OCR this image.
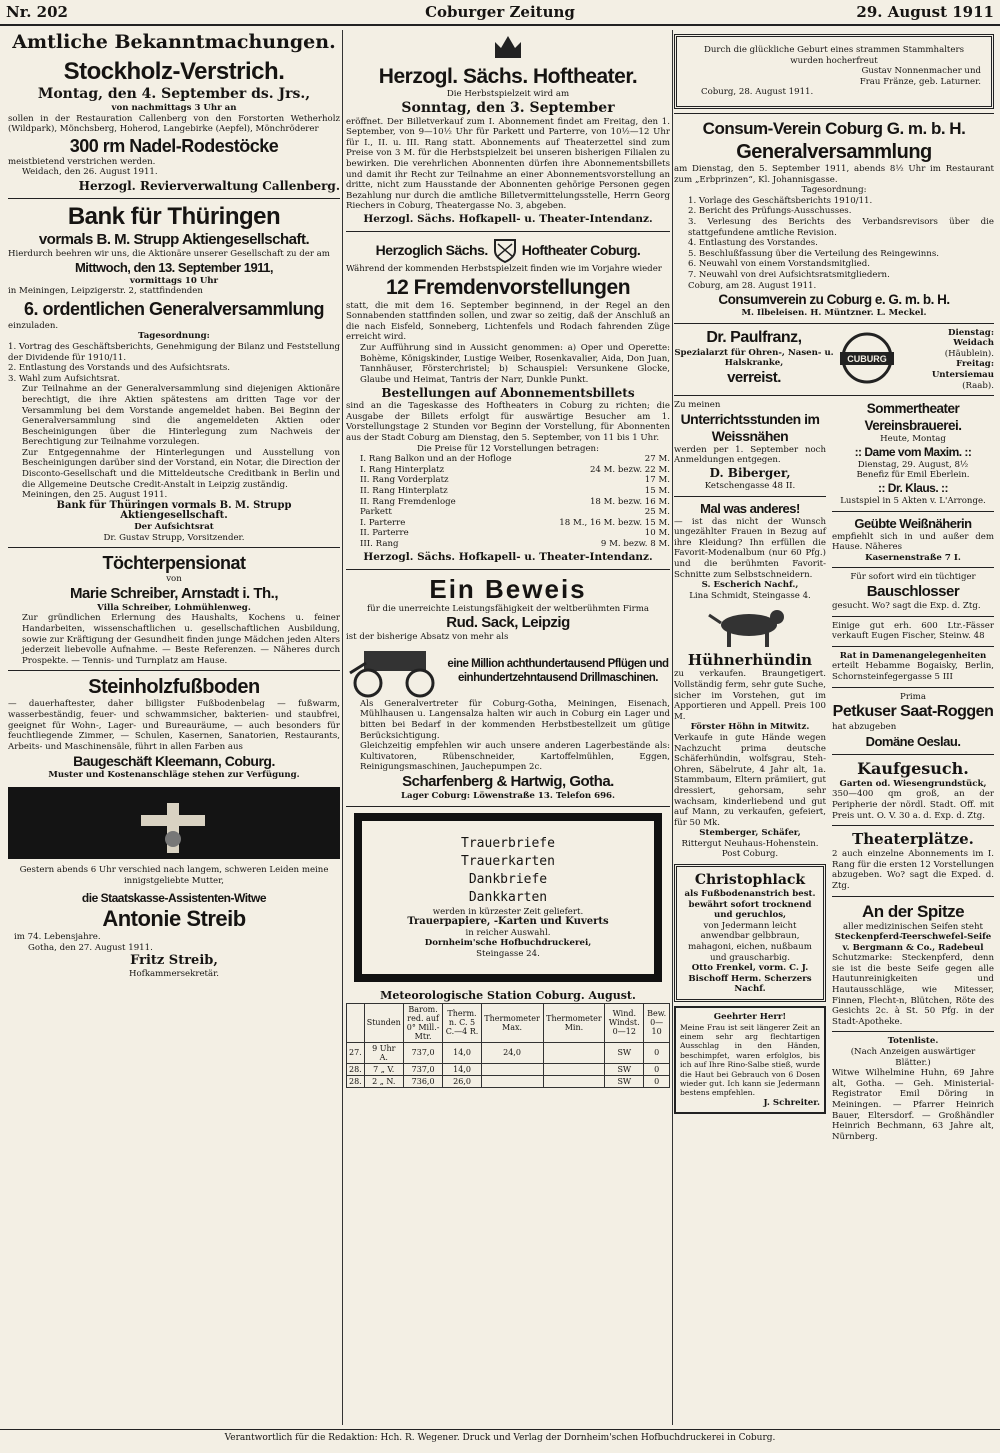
Nr. 202	Coburger Zeitung	29. August 1911

Amtliche Bekanntmachungen.

Stockholz-Verstrich.

Montag, den 4. September ds. Jrs.,

von nachmittags 3 Uhr an

sollen in der Restauration Callenberg von den Forstorten Wetherholz (Wildpark), Mönchsberg, Hoherod, Langebirke (Aepfel), Mönchröderer

300 rm Nadel-Rodestöcke

meistbietend verstrichen werden.

Weidach, den 26. August 1911.

Herzogl. Revierverwaltung Callenberg.

Bank für Thüringen

vormals B. M. Strupp Aktiengesellschaft.

Hierdurch beehren wir uns, die Aktionäre unserer Gesellschaft zu der am

Mittwoch, den 13. September 1911,

vormittags 10 Uhr

in Meiningen, Leipzigerstr. 2, stattfindenden

6. ordentlichen Generalversammlung

einzuladen.

Tagesordnung:

1. Vortrag des Geschäftsberichts, Genehmigung der Bilanz und Feststellung der Dividende für 1910/11.

2. Entlastung des Vorstands und des Aufsichtsrats.

3. Wahl zum Aufsichtsrat.

Zur Teilnahme an der Generalversammlung sind diejenigen Aktionäre berechtigt, die ihre Aktien spätestens am dritten Tage vor der Versammlung bei dem Vorstande angemeldet haben. Bei Beginn der Generalversammlung sind die angemeldeten Aktien oder Bescheinigungen über die Hinterlegung zum Nachweis der Berechtigung zur Teilnahme vorzulegen.

Zur Entgegennahme der Hinterlegungen und Ausstellung von Bescheinigungen darüber sind der Vorstand, ein Notar, die Direction der Disconto-Gesellschaft und die Mitteldeutsche Creditbank in Berlin und die Allgemeine Deutsche Credit-Anstalt in Leipzig zuständig.

Meiningen, den 25. August 1911.

Bank für Thüringen vormals B. M. Strupp Aktiengesellschaft.

Der Aufsichtsrat

Dr. Gustav Strupp, Vorsitzender.

Töchterpensionat

von

Marie Schreiber, Arnstadt i. Th.,

Villa Schreiber, Lohmühlenweg.

Zur gründlichen Erlernung des Haushalts, Kochens u. feiner Handarbeiten, wissenschaftlichen u. gesellschaftlichen Ausbildung, sowie zur Kräftigung der Gesundheit finden junge Mädchen jeden Alters jederzeit liebevolle Aufnahme. — Beste Referenzen. — Näheres durch Prospekte. — Tennis- und Turnplatz am Hause.

Steinholzfußboden

— dauerhaftester, daher billigster Fußbodenbelag — fußwarm, wasserbeständig, feuer- und schwammsicher, bakterien- und staubfrei, geeignet für Wohn-, Lager- und Bureauräume, — auch besonders für feuchtliegende Zimmer, — Schulen, Kasernen, Sanatorien, Restaurants, Arbeits- und Maschinensäle, führt in allen Farben aus

Baugeschäft Kleemann, Coburg.

Muster und Kostenanschläge stehen zur Verfügung.

Gestern abends 6 Uhr verschied nach langem, schweren Leiden meine innigstgeliebte Mutter,

die Staatskasse-Assistenten-Witwe

Antonie Streib

im 74. Lebensjahre.

Gotha, den 27. August 1911.

Fritz Streib,

Hofkammersekretär.

Herzogl. Sächs. Hoftheater.

Die Herbstspielzeit wird am

Sonntag, den 3. September

eröffnet. Der Billetverkauf zum I. Abonnement findet am Freitag, den 1. September, von 9—10½ Uhr für Parkett und Parterre, von 10½—12 Uhr für I., II. u. III. Rang statt. Abonnements auf Theaterzettel sind zum Preise von 3 M. für die Herbstspielzeit bei unseren bisherigen Filialen zu bewirken. Die verehrlichen Abonnenten dürfen ihre Abonnementsbillets und damit ihr Recht zur Teilnahme an einer Abonnementsvorstellung an dritte, nicht zum Hausstande der Abonnenten gehörige Personen gegen Bezahlung nur durch die amtliche Billetvermittelungsstelle, Herrn Georg Riechers in Coburg, Theatergasse No. 3, abgeben.

Herzogl. Sächs. Hofkapell- u. Theater-Intendanz.

Herzoglich Sächs. Hoftheater Coburg.

Während der kommenden Herbstspielzeit finden wie im Vorjahre wieder

12 Fremdenvorstellungen

statt, die mit dem 16. September beginnend, in der Regel an den Sonnabenden stattfinden sollen, und zwar so zeitig, daß der Anschluß an die nach Eisfeld, Sonneberg, Lichtenfels und Rodach fahrenden Züge erreicht wird.

Zur Aufführung sind in Aussicht genommen: a) Oper und Operette: Bohème, Königskinder, Lustige Weiber, Rosenkavalier, Aida, Don Juan, Tannhäuser, Försterchristel; b) Schauspiel: Versunkene Glocke, Glaube und Heimat, Tantris der Narr, Dunkle Punkt.

Bestellungen auf Abonnementsbillets

sind an die Tageskasse des Hoftheaters in Coburg zu richten; die Ausgabe der Billets erfolgt für auswärtige Besucher am 1. Vorstellungstage 2 Stunden vor Beginn der Vorstellung, für Abonnenten aus der Stadt Coburg am Dienstag, den 5. September, von 11 bis 1 Uhr.

Die Preise für 12 Vorstellungen betragen:

I. Rang Balkon und an der Hofloge	27 M.
I. Rang Hinterplatz	24 M. bezw. 22 M.
II. Rang Vorderplatz	17 M.
II. Rang Hinterplatz	15 M.
II. Rang Fremdenloge	18 M. bezw. 16 M.
Parkett	25 M.
I. Parterre	18 M., 16 M. bezw. 15 M.
II. Parterre	10 M.
III. Rang	9 M. bezw. 8 M.

Herzogl. Sächs. Hofkapell- u. Theater-Intendanz.

Ein Beweis

für die unerreichte Leistungsfähigkeit der weltberühmten Firma

Rud. Sack, Leipzig

ist der bisherige Absatz von mehr als

eine Million achthundertausend Pflügen und einhundertzehntausend Drillmaschinen.

Als Generalvertreter für Coburg-Gotha, Meiningen, Eisenach, Mühlhausen u. Langensalza halten wir auch in Coburg ein Lager und bitten bei Bedarf in der kommenden Herbstbestellzeit um gütige Berücksichtigung.

Gleichzeitig empfehlen wir auch unsere anderen Lagerbestände als: Kultivatoren, Rübenschneider, Kartoffelmühlen, Eggen, Reinigungsmaschinen, Jauchepumpen 2c.

Scharfenberg & Hartwig, Gotha.

Lager Coburg: Löwenstraße 13. Telefon 696.

Trauerbriefe

Trauerkarten

Dankbriefe

Dankkarten

werden in kürzester Zeit geliefert.

Trauerpapiere, -Karten und Kuverts

in reicher Auswahl.

Dornheim'sche Hofbuchdruckerei,

Steingasse 24.

Meteorologische Station Coburg. August.

	Stunden	Barom. red. auf 0° Mill.-Mtr.	Therm. n. C. 5 C.—4 R.	Thermometer Max.	Thermometer Min.	Wind. Windst. 0—12	Bew. 0—10
27.	9 Uhr A.	737,0	14,0	24,0		SW	0
28.	7 „ V.	737,0	14,0			SW	0
28.	2 „ N.	736,0	26,0			SW	0

Durch die glückliche Geburt eines strammen Stammhalters wurden hocherfreut

Gustav Nonnenmacher und

Frau Fränze, geb. Laturner.

Coburg, 28. August 1911.

Consum-Verein Coburg G. m. b. H.

Generalversammlung

am Dienstag, den 5. September 1911, abends 8½ Uhr im Restaurant zum „Erbprinzen“, Kl. Johannisgasse.

Tagesordnung:

1. Vorlage des Geschäftsberichts 1910/11.

2. Bericht des Prüfungs-Ausschusses.

3. Verlesung des Berichts des Verbandsrevisors über die stattgefundene amtliche Revision.

4. Entlastung des Vorstandes.

5. Beschlußfassung über die Verteilung des Reingewinns.

6. Neuwahl von einem Vorstandsmitglied.

7. Neuwahl von drei Aufsichtsratsmitgliedern.

Coburg, am 28. August 1911.

Consumverein zu Coburg e. G. m. b. H.

M. Ilbeleisen. H. Müntzner. L. Meckel.

Dr. Paulfranz,

Spezialarzt für Ohren-, Nasen- u. Halskranke,

verreist.

CUBURG

Dienstag:

Weidach

(Häublein).

Freitag:

Untersiemau

(Raab).

Zu meinen

Unterrichtsstunden im Weissnähen

werden per 1. September noch Anmeldungen entgegen.

D. Biberger,

Ketschengasse 48 II.

Mal was anderes!

— ist das nicht der Wunsch ungezählter Frauen in Bezug auf ihre Kleidung? Ihn erfüllen die Favorit-Modenalbum (nur 60 Pfg.) und die berühmten Favorit-Schnitte zum Selbstschneidern.

S. Escherich Nachf.,

Lina Schmidt, Steingasse 4.

Hühnerhündin

zu verkaufen. Braungetigert. Vollständig ferm, sehr gute Suche, sicher im Vorstehen, gut im Apportieren und Appell. Preis 100 M.

Förster Höhn in Mitwitz.

Verkaufe in gute Hände wegen Nachzucht prima deutsche Schäferhündin, wolfsgrau, Steh-Ohren, Säbelrute, 4 Jahr alt, 1a. Stammbaum, Eltern prämiiert, gut dressiert, gehorsam, sehr wachsam, kinderliebend und gut auf Mann, zu verkaufen, gefeiert, für 50 Mk.

Stemberger, Schäfer,

Rittergut Neuhaus-Hohenstein.

Post Coburg.

Christophlack

als Fußbodenanstrich best. bewährt sofort trocknend und geruchlos,

von Jedermann leicht anwendbar gelbbraun, mahagoni, eichen, nußbaum und grauscharbig.

Otto Frenkel, vorm. C. J. Bischoff Herm. Scherzers Nachf.

Geehrter Herr!

Meine Frau ist seit längerer Zeit an einem sehr arg flechtartigen Ausschlag in den Händen, beschimpfet, waren erfolglos, bis ich auf Ihre Rino-Salbe stieß, wurde die Haut bei Gebrauch von 6 Dosen wieder gut. Ich kann sie Jedermann bestens empfehlen.

J. Schreiter.

Sommertheater

Vereinsbrauerei.

Heute, Montag

:: Dame vom Maxim. ::

Dienstag, 29. August, 8½

Benefiz für Emil Eberlein.

:: Dr. Klaus. ::

Lustspiel in 5 Akten v. L'Arronge.

Geübte Weißnäherin

empfiehlt sich in und außer dem Hause. Näheres

Kasernenstraße 7 I.

Für sofort wird ein tüchtiger

Bauschlosser

gesucht. Wo? sagt die Exp. d. Ztg.

Einige gut erh. 600 Ltr.-Fässer verkauft Eugen Fischer, Steinw. 48

Rat in Damenangelegenheiten

erteilt Hebamme Bogaisky, Berlin, Schornsteinfegergasse 5 III

Prima

Petkuser Saat-Roggen

hat abzugeben

Domäne Oeslau.

Kaufgesuch.

Garten od. Wiesengrundstück,

350—400 qm groß, an der Peripherie der nördl. Stadt. Off. mit Preis unt. O. V. 30 a. d. Exp. d. Ztg.

Theaterplätze.

2 auch einzelne Abonnements im I. Rang für die ersten 12 Vorstellungen abzugeben. Wo? sagt die Exped. d. Ztg.

An der Spitze

aller medizinischen Seifen steht

Steckenpferd-Teerschwefel-Seife

v. Bergmann & Co., Radebeul

Schutzmarke: Steckenpferd, denn sie ist die beste Seife gegen alle Hautunreinigkeiten und Hautausschläge, wie Mitesser, Finnen, Flecht-n, Blütchen, Röte des Gesichts 2c. à St. 50 Pfg. in der Stadt-Apotheke.

Totenliste.

(Nach Anzeigen auswärtiger Blätter.)

Witwe Wilhelmine Huhn, 69 Jahre alt, Gotha. — Geh. Ministerial-Registrator Emil Döring in Meiningen. — Pfarrer Heinrich Bauer, Eltersdorf. — Großhändler Heinrich Bechmann, 63 Jahre alt, Nürnberg.

Verantwortlich für die Redaktion: Hch. R. Wegener. Druck und Verlag der Dornheim'schen Hofbuchdruckerei in Coburg.
